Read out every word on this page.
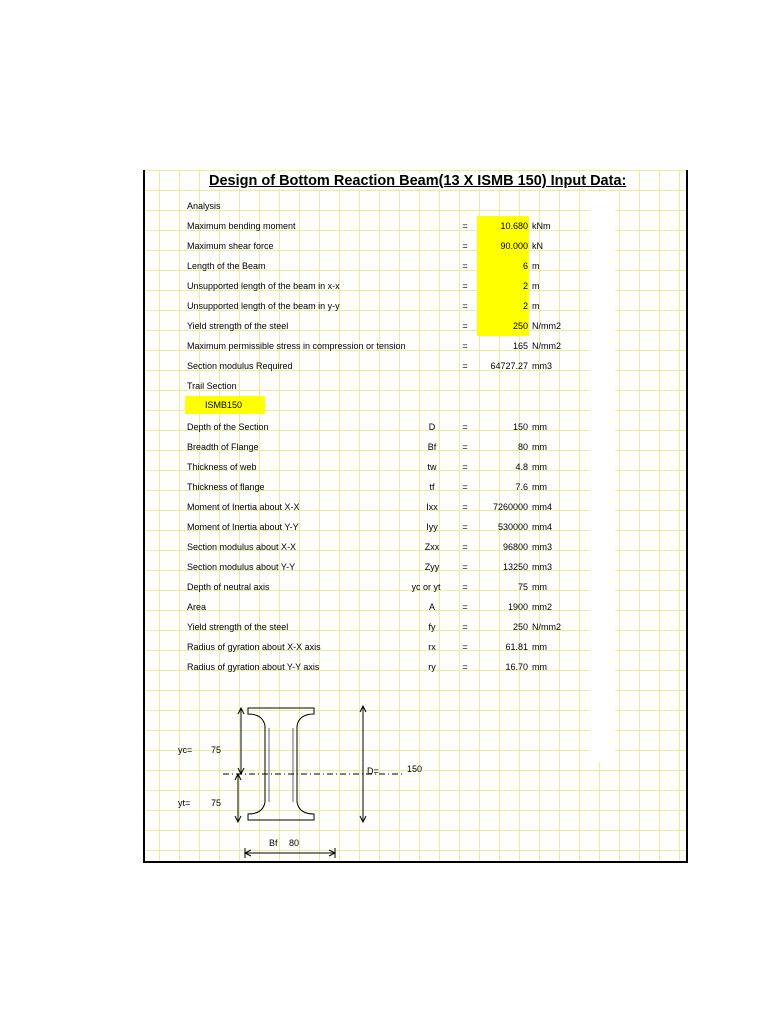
Design of Bottom Reaction Beam(13 X ISMB 150) Input Data:
Analysis
Maximum bending moment	=	10.680 kNm
Maximum shear force	=	90.000 kN
Length of the Beam	=	6 m
Unsupported length of the beam in x-x	=	2 m
Unsupported length of the beam in y-y	=	2 m
Yield strength of the steel	=	250 N/mm2
Maximum permissible stress in compression or tension	=	165 N/mm2
Section modulus Required	=	64727.27 mm3
Trail Section
ISMB150
Depth of the Section	D	=	150 mm
Breadth of Flange	Bf	=	80 mm
Thickness of web	tw	=	4.8 mm
Thickness of flange	tf	=	7.6 mm
Moment of Inertia about X-X	Ixx	=	7260000 mm4
Moment of Inertia about Y-Y	Iyy	=	530000 mm4
Section modulus about X-X	Zxx	=	96800 mm3
Section modulus about Y-Y	Zyy	=	13250 mm3
Depth of neutral axis	yc or yt	=	75 mm
Area	A	=	1900 mm2
Yield strength of the steel	fy	=	250 N/mm2
Radius of gyration about X-X axis	rx	=	61.81 mm
Radius of gyration about Y-Y axis	ry	=	16.70 mm
yc= 75
yt= 75
D=	150
Bf 80
